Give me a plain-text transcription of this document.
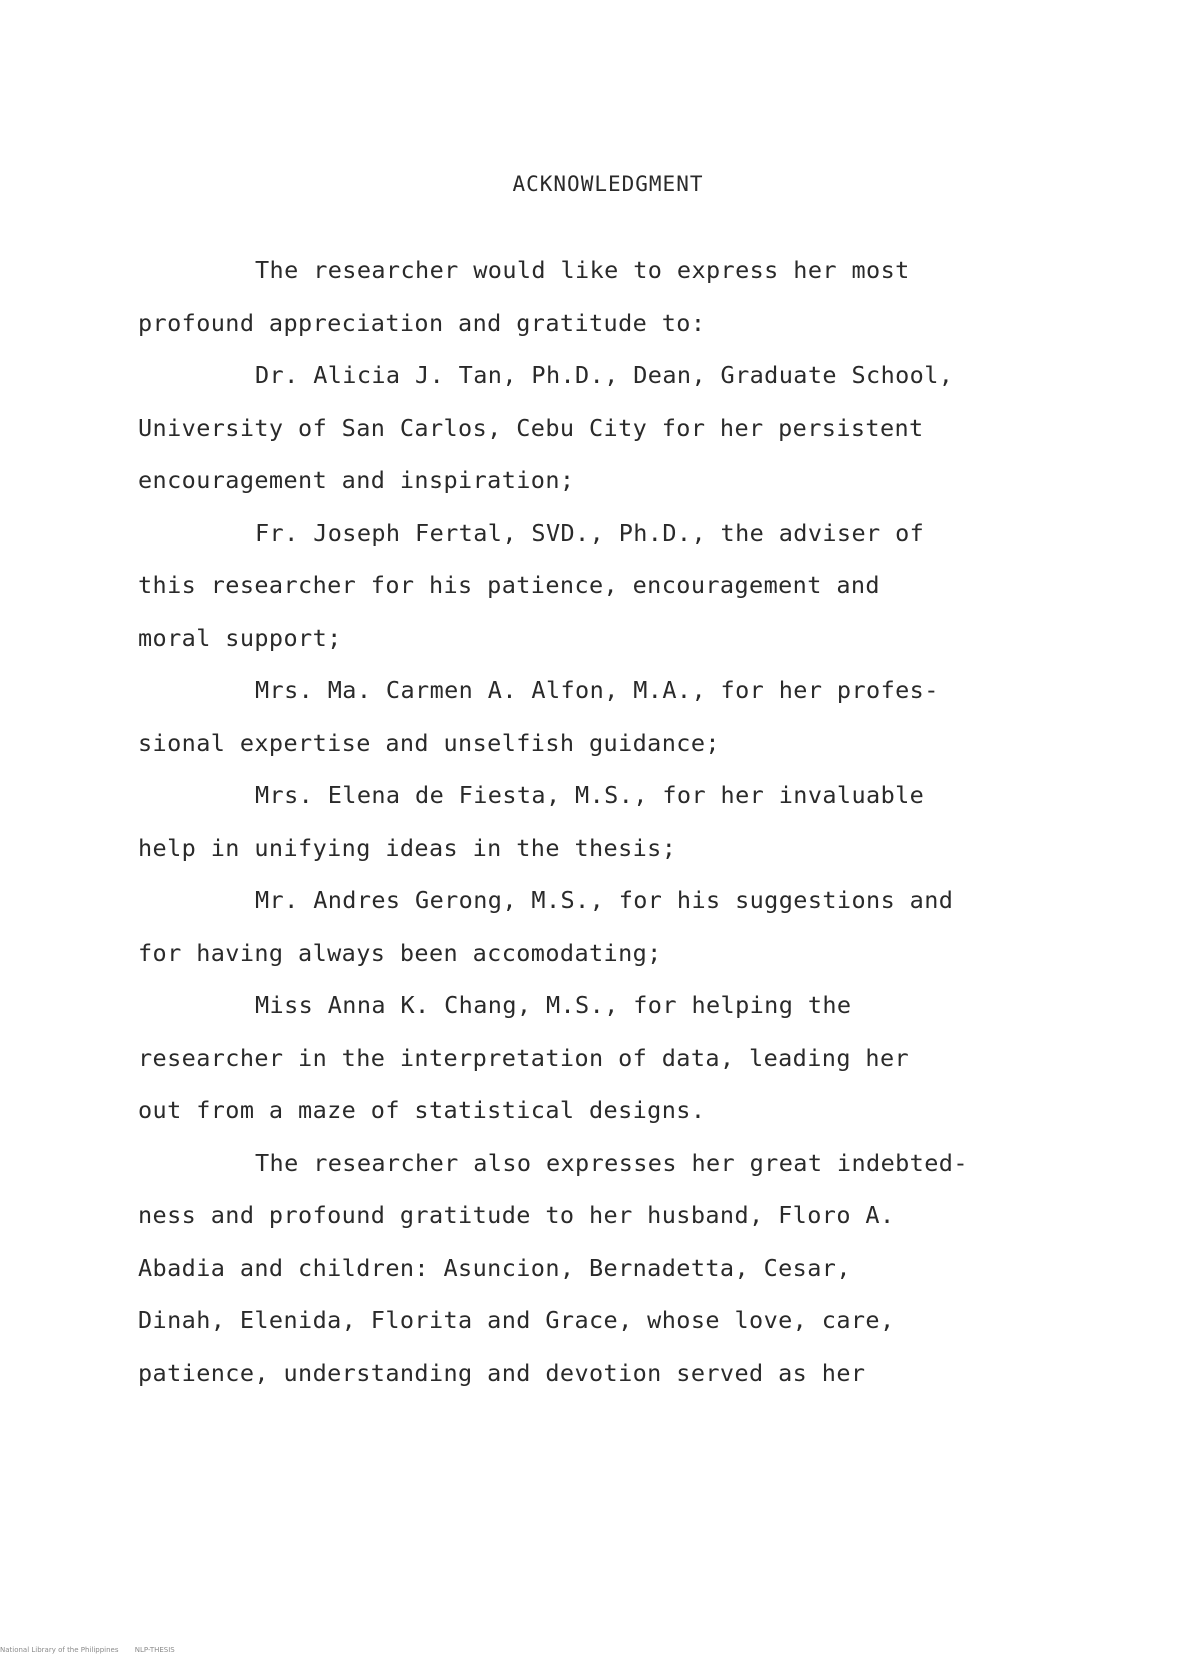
ACKNOWLEDGMENT
The researcher would like to express her most
profound appreciation and gratitude to:
Dr. Alicia J. Tan, Ph.D., Dean, Graduate School,
University of San Carlos, Cebu City for her persistent
encouragement and inspiration;
Fr. Joseph Fertal, SVD., Ph.D., the adviser of
this researcher for his patience, encouragement and
moral support;
Mrs. Ma. Carmen A. Alfon, M.A., for her profes-
sional expertise and unselfish guidance;
Mrs. Elena de Fiesta, M.S., for her invaluable
help in unifying ideas in the thesis;
Mr. Andres Gerong, M.S., for his suggestions and
for having always been accomodating;
Miss Anna K. Chang, M.S., for helping the
researcher in the interpretation of data, leading her
out from a maze of statistical designs.
The researcher also expresses her great indebted-
ness and profound gratitude to her husband, Floro A.
Abadia and children: Asuncion, Bernadetta, Cesar,
Dinah, Elenida, Florita and Grace, whose love, care,
patience, understanding and devotion served as her
National Library of the Philippines NLP-THESIS
